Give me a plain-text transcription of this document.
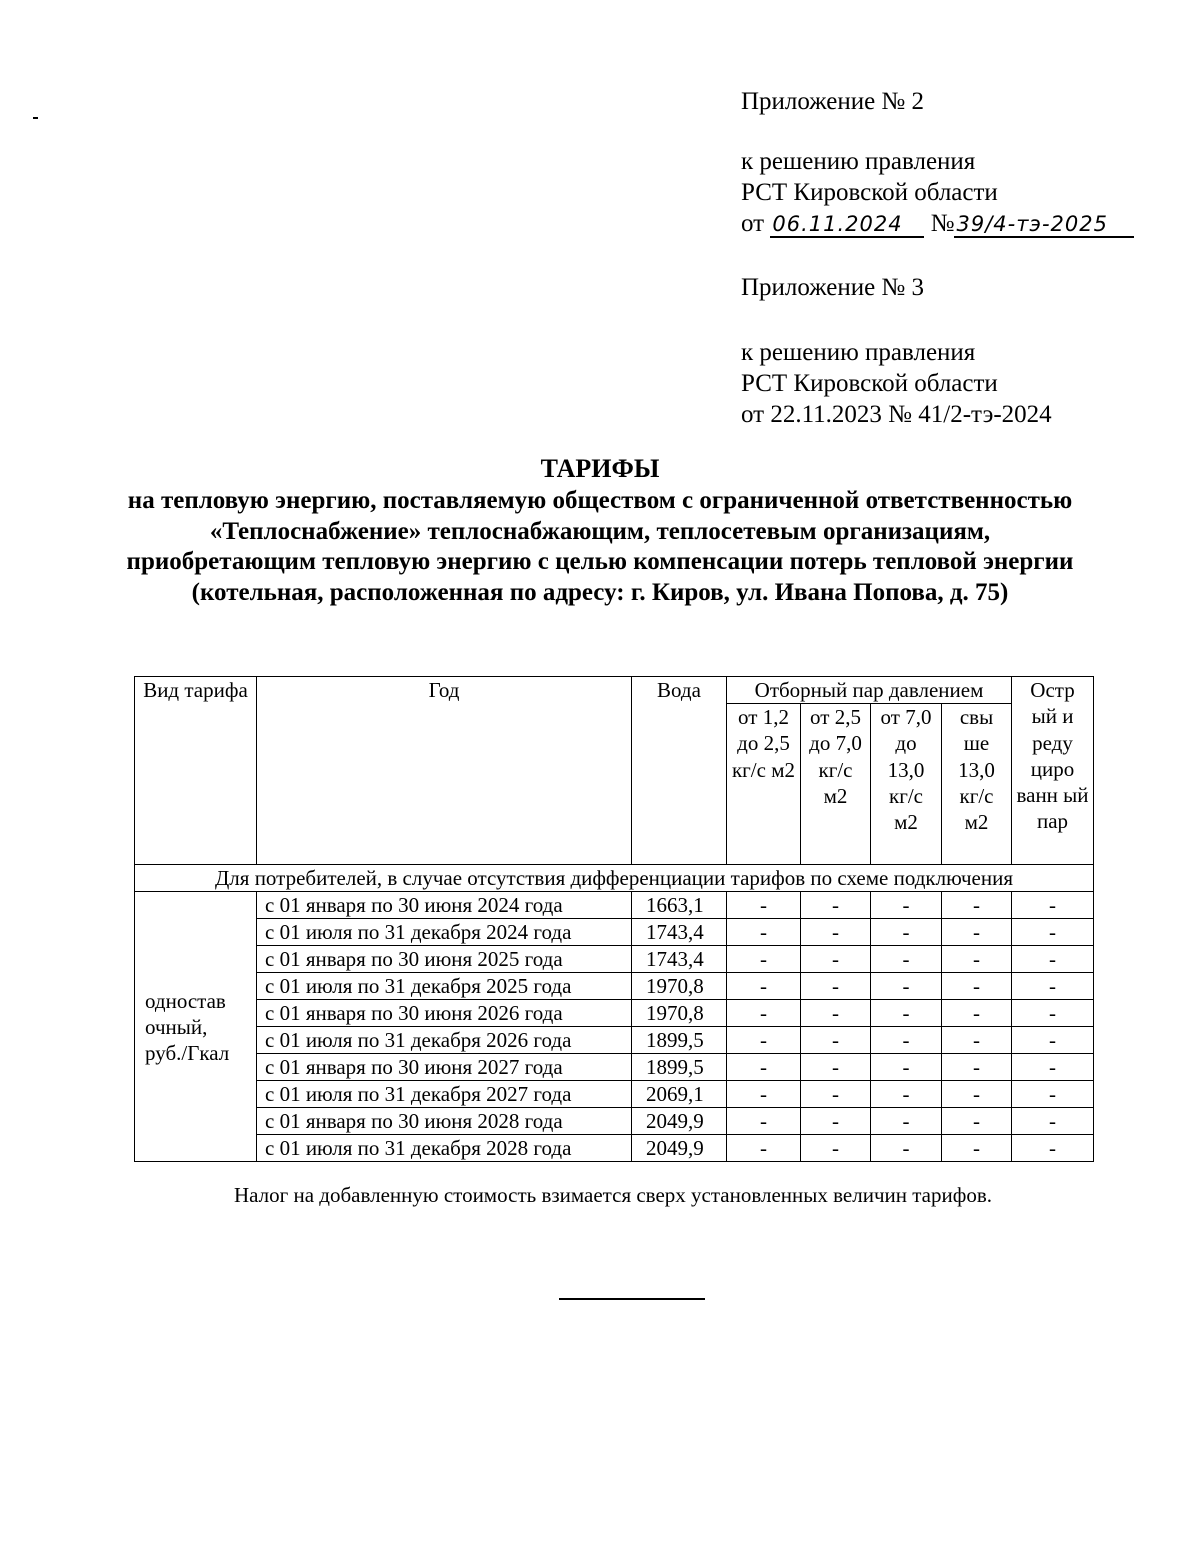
Приложение № 2
к решению правления
РСТ Кировской области
от 06.11.2024 №39/4-тэ-2025
Приложение № 3
к решению правления
РСТ Кировской области
от 22.11.2023 № 41/2-тэ-2024
ТАРИФЫ
на тепловую энергию, поставляемую обществом с ограниченной ответственностью «Теплоснабжение» теплоснабжающим, теплосетевым организациям, приобретающим тепловую энергию с целью компенсации потерь тепловой энергии (котельная, расположенная по адресу: г. Киров, ул. Ивана Попова, д. 75)
Вид тарифа	Год	Вода	Отборный пар давлением				Остр ый и реду циро ванн ый пар
			от 1,2 до 2,5 кг/с м2	от 2,5 до 7,0 кг/с м2	от 7,0 до 13,0 кг/с м2	свы ше 13,0 кг/с м2	
Для потребителей, в случае отсутствия дифференциации тарифов по схеме подключения							
одностав очный, руб./Гкал	с 01 января по 30 июня 2024 года	1663,1	-	-	-	-	-
	с 01 июля по 31 декабря 2024 года	1743,4	-	-	-	-	-
	с 01 января по 30 июня 2025 года	1743,4	-	-	-	-	-
	с 01 июля по 31 декабря 2025 года	1970,8	-	-	-	-	-
	с 01 января по 30 июня 2026 года	1970,8	-	-	-	-	-
	с 01 июля по 31 декабря 2026 года	1899,5	-	-	-	-	-
	с 01 января по 30 июня 2027 года	1899,5	-	-	-	-	-
	с 01 июля по 31 декабря 2027 года	2069,1	-	-	-	-	-
	с 01 января по 30 июня 2028 года	2049,9	-	-	-	-	-
	с 01 июля по 31 декабря 2028 года	2049,9	-	-	-	-	-
Налог на добавленную стоимость взимается сверх установленных величин тарифов.
